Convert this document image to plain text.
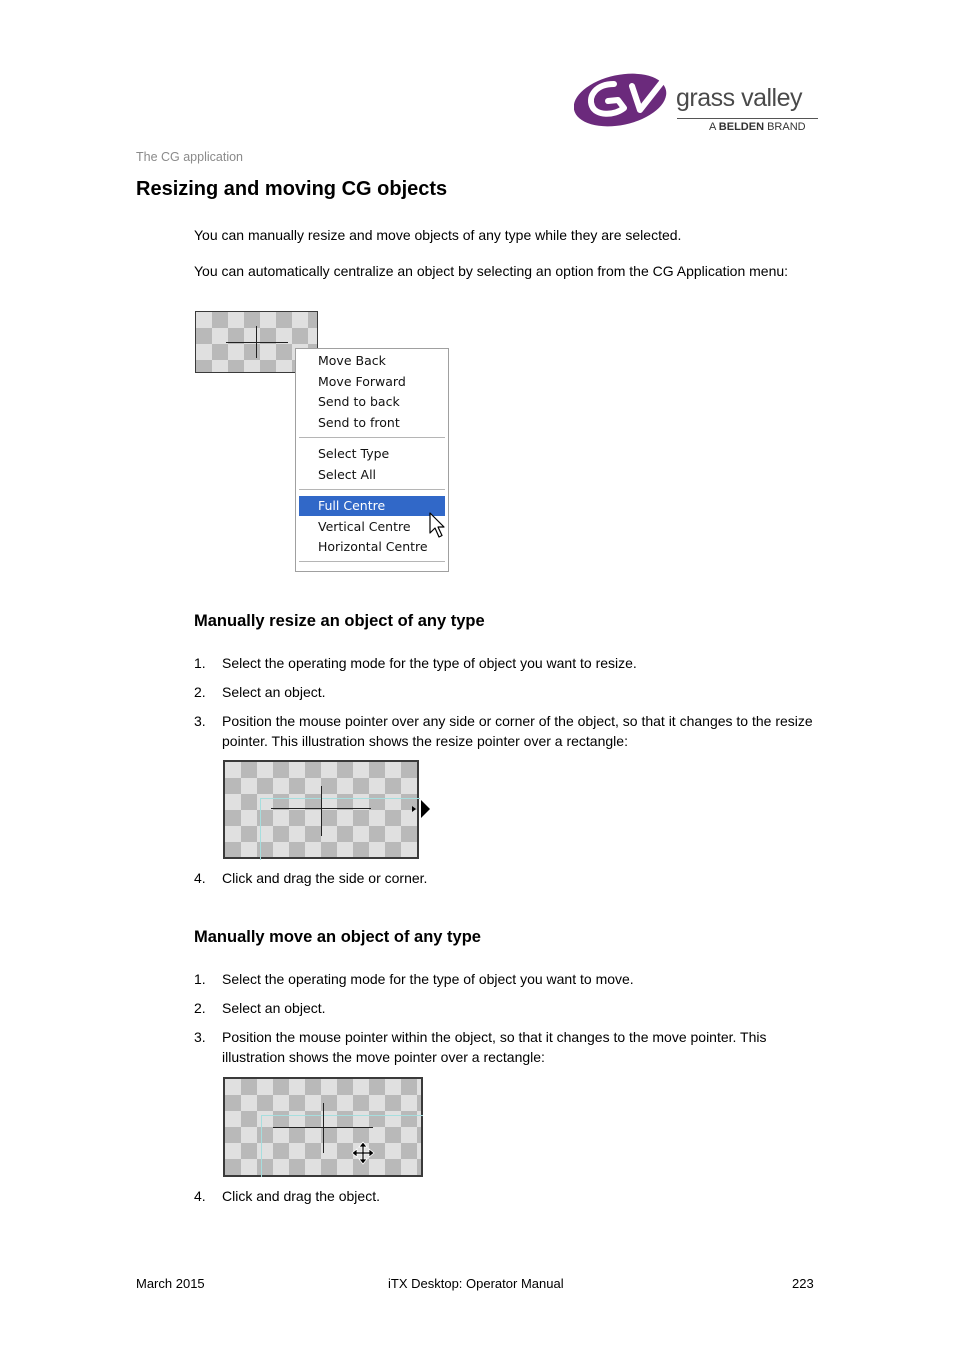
grass valley
A BELDEN BRAND
The CG application
Resizing and moving CG objects

You can manually resize and move objects of any type while they are selected.

You can automatically centralize an object by selecting an option from the CG Application menu:

Move Back
Move Forward
Send to back
Send to front
Select Type
Select All
Full Centre
Vertical Centre
Horizontal Centre
Manually resize an object of any type
1. Select the operating mode for the type of object you want to resize.
2. Select an object.
3. Position the mouse pointer over any side or corner of the object, so that it changes to the resize pointer. This illustration shows the resize pointer over a rectangle:
4. Click and drag the side or corner.
Manually move an object of any type
1. Select the operating mode for the type of object you want to move.
2. Select an object.
3. Position the mouse pointer within the object, so that it changes to the move pointer. This illustration shows the move pointer over a rectangle:
4. Click and drag the object.
March 2015	iTX Desktop: Operator Manual	223
